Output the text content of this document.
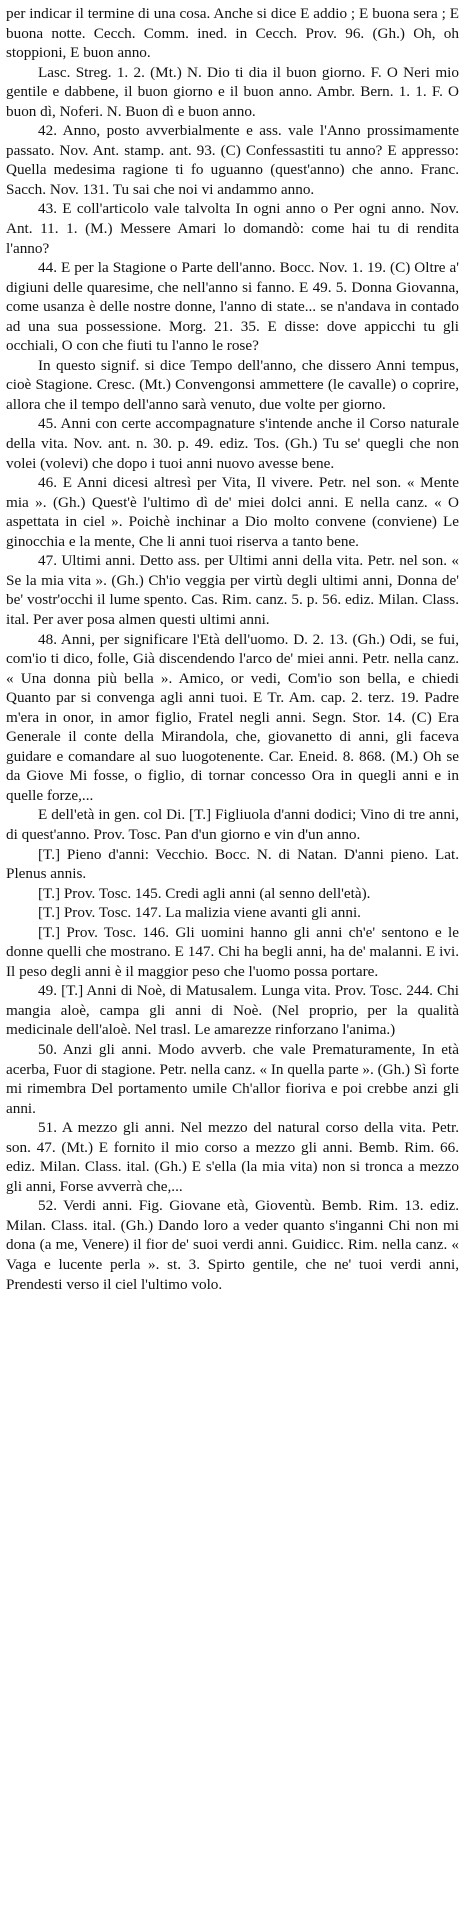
per indicar il termine di una cosa. Anche si dice E addio ; E buona sera ; E buona notte. Cecch. Comm. ined. in Cecch. Prov. 96. (Gh.) Oh, oh stoppioni, E buon anno.

Lasc. Streg. 1. 2. (Mt.) N. Dio ti dia il buon giorno. F. O Neri mio gentile e dabbene, il buon giorno e il buon anno. Ambr. Bern. 1. 1. F. O buon dì, Noferi. N. Buon dì e buon anno.

42. Anno, posto avverbialmente e ass. vale l'Anno prossimamente passato. Nov. Ant. stamp. ant. 93. (C) Confessastiti tu anno? E appresso: Quella medesima ragione ti fo uguanno (quest'anno) che anno. Franc. Sacch. Nov. 131. Tu sai che noi vi andammo anno.

43. E coll'articolo vale talvolta In ogni anno o Per ogni anno. Nov. Ant. 11. 1. (M.) Messere Amari lo domandò: come hai tu di rendita l'anno?

44. E per la Stagione o Parte dell'anno. Bocc. Nov. 1. 19. (C) Oltre a' digiuni delle quaresime, che nell'anno si fanno. E 49. 5. Donna Giovanna, come usanza è delle nostre donne, l'anno di state... se n'andava in contado ad una sua possessione. Morg. 21. 35. E disse: dove appicchi tu gli occhiali, O con che fiuti tu l'anno le rose?

In questo signif. si dice Tempo dell'anno, che dissero Anni tempus, cioè Stagione. Cresc. (Mt.) Convengonsi ammettere (le cavalle) o coprire, allora che il tempo dell'anno sarà venuto, due volte per giorno.

45. Anni con certe accompagnature s'intende anche il Corso naturale della vita. Nov. ant. n. 30. p. 49. ediz. Tos. (Gh.) Tu se' quegli che non volei (volevi) che dopo i tuoi anni nuovo avesse bene.

46. E Anni dicesi altresì per Vita, Il vivere. Petr. nel son. « Mente mia ». (Gh.) Quest'è l'ultimo dì de' miei dolci anni. E nella canz. « O aspettata in ciel ». Poichè inchinar a Dio molto convene (conviene) Le ginocchia e la mente, Che li anni tuoi riserva a tanto bene.

47. Ultimi anni. Detto ass. per Ultimi anni della vita. Petr. nel son. « Se la mia vita ». (Gh.) Ch'io veggia per virtù degli ultimi anni, Donna de' be' vostr'occhi il lume spento. Cas. Rim. canz. 5. p. 56. ediz. Milan. Class. ital. Per aver posa almen questi ultimi anni.

48. Anni, per significare l'Età dell'uomo. D. 2. 13. (Gh.) Odi, se fui, com'io ti dico, folle, Già discendendo l'arco de' miei anni. Petr. nella canz. « Una donna più bella ». Amico, or vedi, Com'io son bella, e chiedi Quanto par si convenga agli anni tuoi. E Tr. Am. cap. 2. terz. 19. Padre m'era in onor, in amor figlio, Fratel negli anni. Segn. Stor. 14. (C) Era Generale il conte della Mirandola, che, giovanetto di anni, gli faceva guidare e comandare al suo luogotenente. Car. Eneid. 8. 868. (M.) Oh se da Giove Mi fosse, o figlio, di tornar concesso Ora in quegli anni e in quelle forze,...

E dell'età in gen. col Di. [T.] Figliuola d'anni dodici; Vino di tre anni, di quest'anno. Prov. Tosc. Pan d'un giorno e vin d'un anno.

[T.] Pieno d'anni: Vecchio. Bocc. N. di Natan. D'anni pieno. Lat. Plenus annis.

[T.] Prov. Tosc. 145. Credi agli anni (al senno dell'età).

[T.] Prov. Tosc. 147. La malizia viene avanti gli anni.

[T.] Prov. Tosc. 146. Gli uomini hanno gli anni ch'e' sentono e le donne quelli che mostrano. E 147. Chi ha begli anni, ha de' malanni. E ivi. Il peso degli anni è il maggior peso che l'uomo possa portare.

49. [T.] Anni di Noè, di Matusalem. Lunga vita. Prov. Tosc. 244. Chi mangia aloè, campa gli anni di Noè. (Nel proprio, per la qualità medicinale dell'aloè. Nel trasl. Le amarezze rinforzano l'anima.)

50. Anzi gli anni. Modo avverb. che vale Prematuramente, In età acerba, Fuor di stagione. Petr. nella canz. « In quella parte ». (Gh.) Sì forte mi rimembra Del portamento umile Ch'allor fioriva e poi crebbe anzi gli anni.

51. A mezzo gli anni. Nel mezzo del natural corso della vita. Petr. son. 47. (Mt.) E fornito il mio corso a mezzo gli anni. Bemb. Rim. 66. ediz. Milan. Class. ital. (Gh.) E s'ella (la mia vita) non si tronca a mezzo gli anni, Forse avverrà che,...

52. Verdi anni. Fig. Giovane età, Gioventù. Bemb. Rim. 13. ediz. Milan. Class. ital. (Gh.) Dando loro a veder quanto s'inganni Chi non mi dona (a me, Venere) il fior de' suoi verdi anni. Guidicc. Rim. nella canz. « Vaga e lucente perla ». st. 3. Spirto gentile, che ne' tuoi verdi anni, Prendesti verso il ciel l'ultimo volo.
